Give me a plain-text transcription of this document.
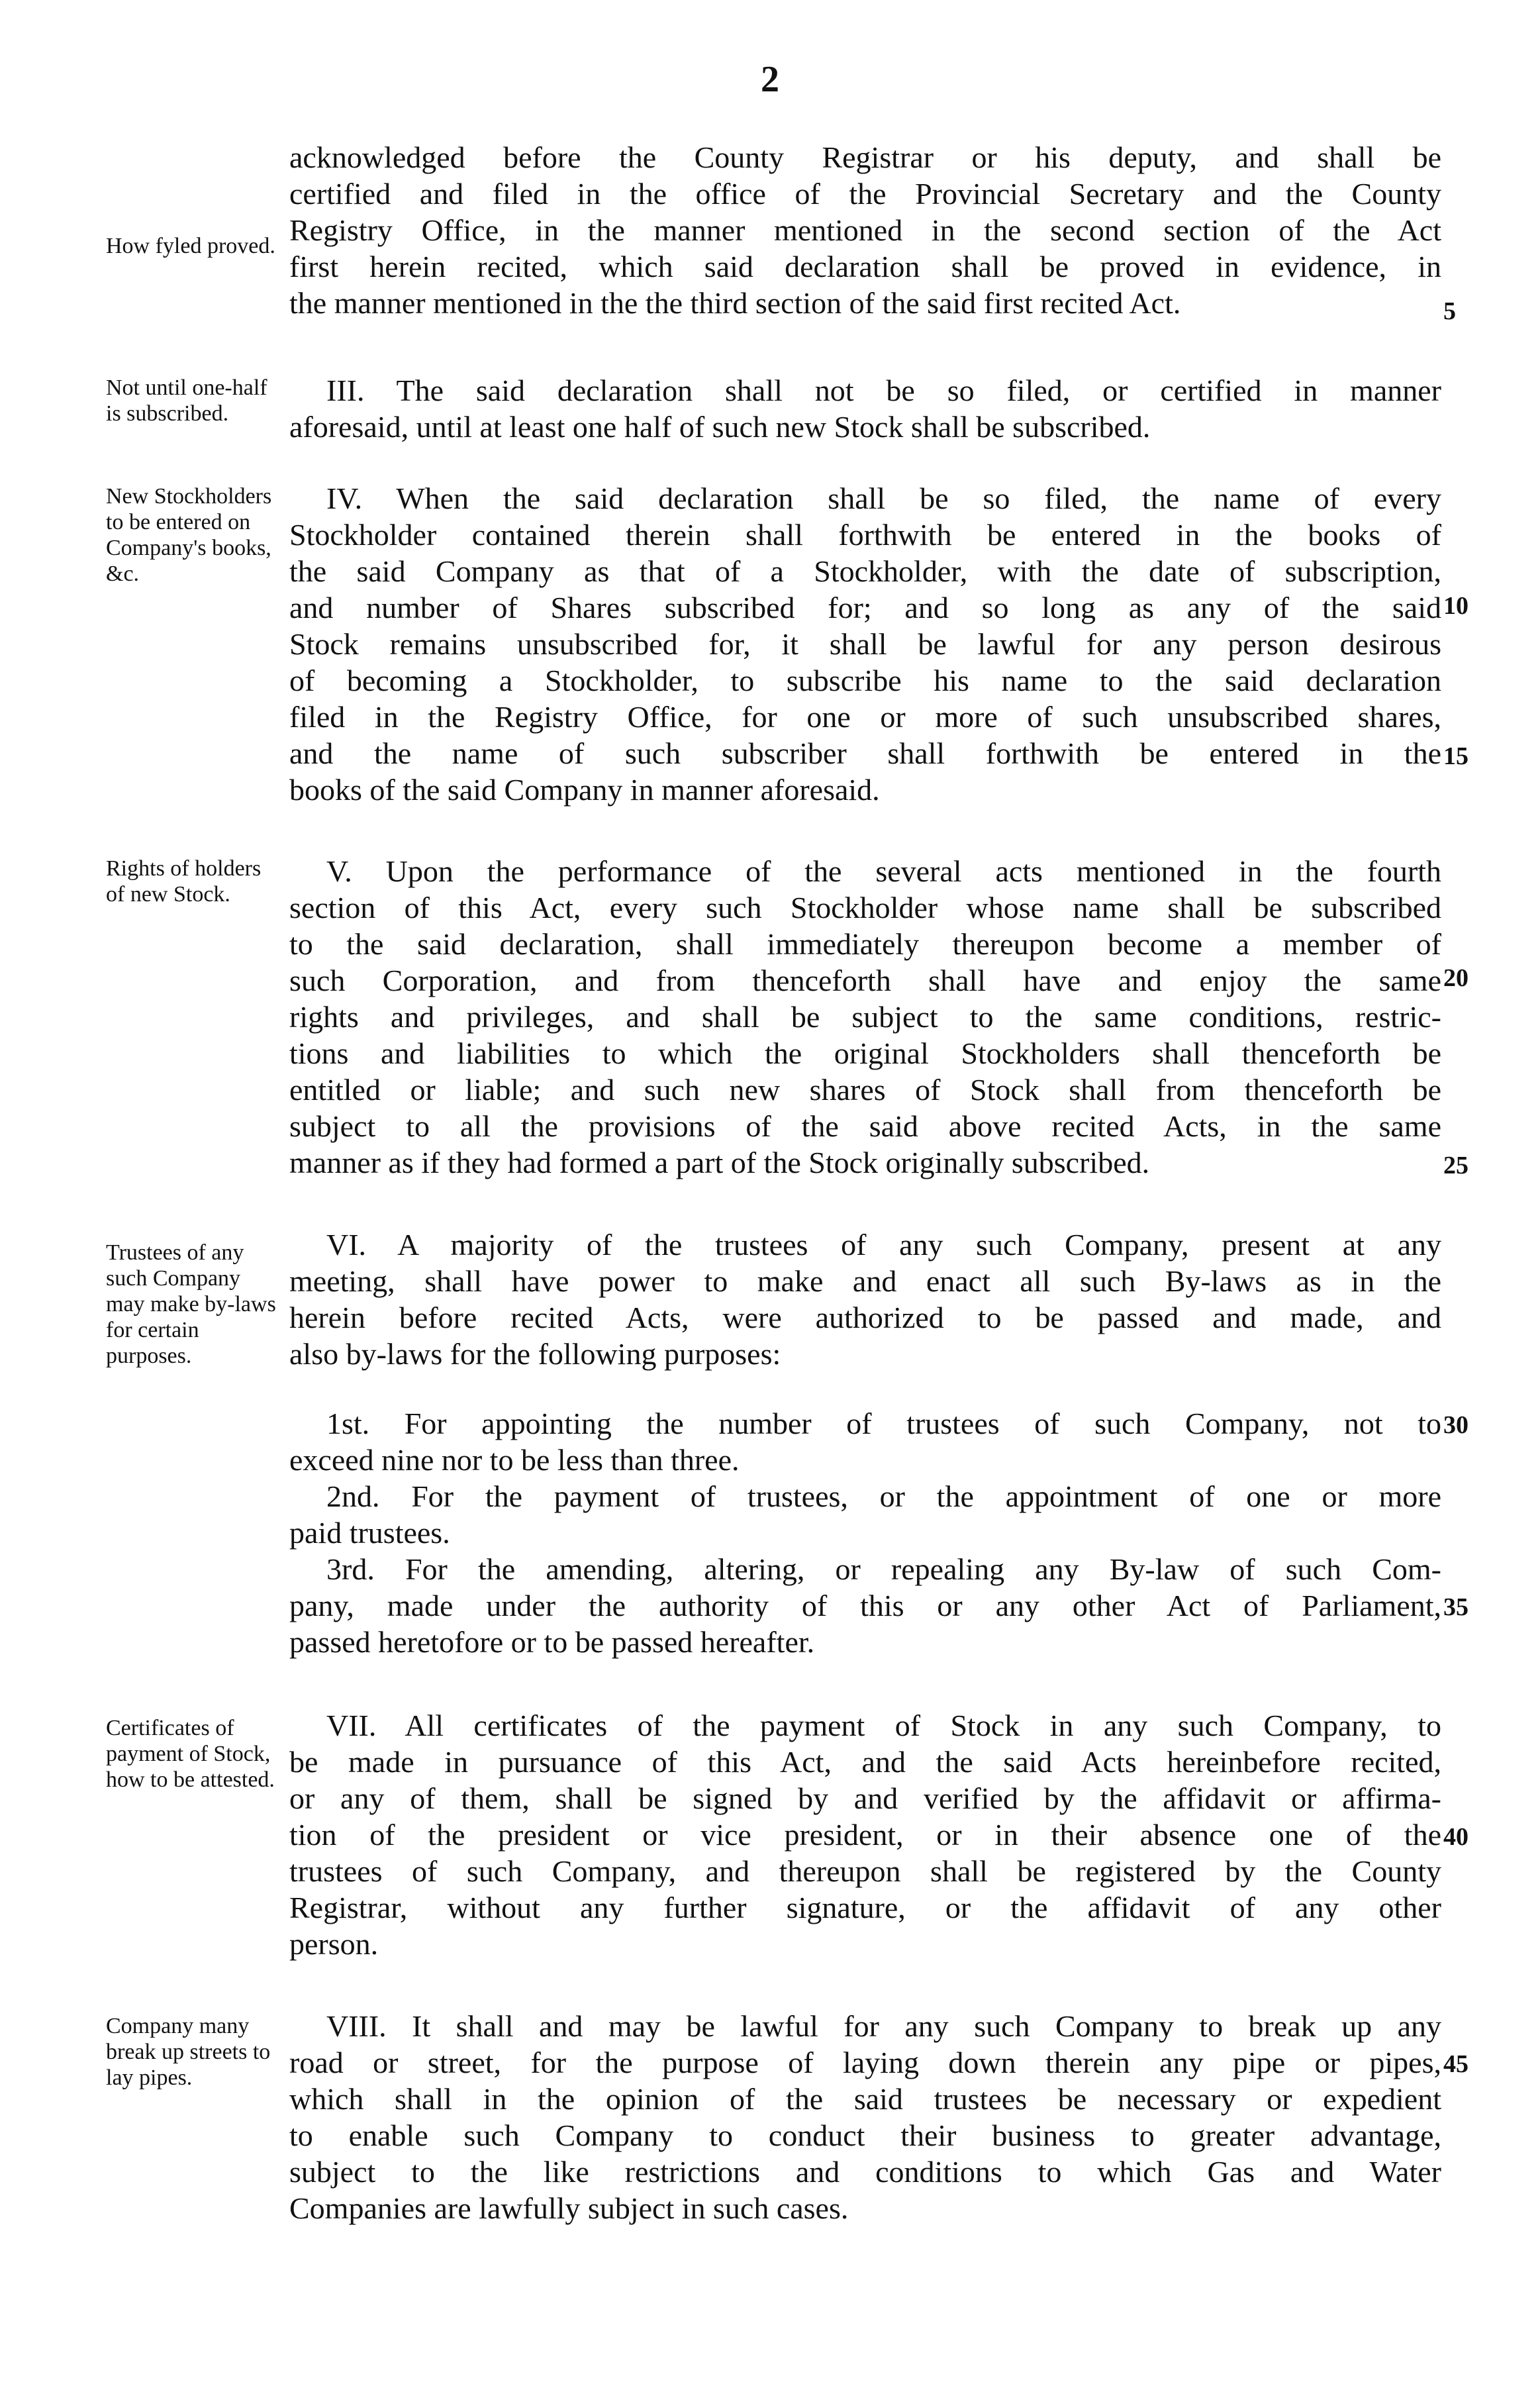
2
How fyled proved.
acknowledged before the County Registrar or his deputy, and shall be
certified and filed in the office of the Provincial Secretary and the County
Registry Office, in the manner mentioned in the second section of the Act
first herein recited, which said declaration shall be proved in evidence, in
the manner mentioned in the the third section of the said first recited Act.	5
Not until one-half is subscribed.
III. The said declaration shall not be so filed, or certified in manner
aforesaid, until at least one half of such new Stock shall be subscribed.
New Stockholders to be entered on Company's books, &c.
IV. When the said declaration shall be so filed, the name of every
Stockholder contained therein shall forthwith be entered in the books of
the said Company as that of a Stockholder, with the date of subscription,
and number of Shares subscribed for; and so long as any of the said
Stock remains unsubscribed for, it shall be lawful for any person desirous
of becoming a Stockholder, to subscribe his name to the said declaration
filed in the Registry Office, for one or more of such unsubscribed shares,
and the name of such subscriber shall forthwith be entered in the
books of the said Company in manner aforesaid.
10
15
Rights of holders of new Stock.
V. Upon the performance of the several acts mentioned in the fourth
section of this Act, every such Stockholder whose name shall be subscribed
to the said declaration, shall immediately thereupon become a member of
such Corporation, and from thenceforth shall have and enjoy the same
rights and privileges, and shall be subject to the same conditions, restric-
tions and liabilities to which the original Stockholders shall thenceforth be
entitled or liable; and such new shares of Stock shall from thenceforth be
subject to all the provisions of the said above recited Acts, in the same
manner as if they had formed a part of the Stock originally subscribed.
20
25
Trustees of any such Company may make by-laws for certain purposes.
VI. A majority of the trustees of any such Company, present at any
meeting, shall have power to make and enact all such By-laws as in the
herein before recited Acts, were authorized to be passed and made, and
also by-laws for the following purposes:
1st. For appointing the number of trustees of such Company, not to
exceed nine nor to be less than three.
2nd. For the payment of trustees, or the appointment of one or more
paid trustees.
3rd. For the amending, altering, or repealing any By-law of such Com-
pany, made under the authority of this or any other Act of Parliament,
passed heretofore or to be passed hereafter.
30
35
Certificates of payment of Stock, how to be attested.
VII. All certificates of the payment of Stock in any such Company, to
be made in pursuance of this Act, and the said Acts hereinbefore recited,
or any of them, shall be signed by and verified by the affidavit or affirma-
tion of the president or vice president, or in their absence one of the
trustees of such Company, and thereupon shall be registered by the County
Registrar, without any further signature, or the affidavit of any other
person.
40
Company many break up streets to lay pipes.
VIII. It shall and may be lawful for any such Company to break up any
road or street, for the purpose of laying down therein any pipe or pipes,
which shall in the opinion of the said trustees be necessary or expedient
to enable such Company to conduct their business to greater advantage,
subject to the like restrictions and conditions to which Gas and Water
Companies are lawfully subject in such cases.
45
